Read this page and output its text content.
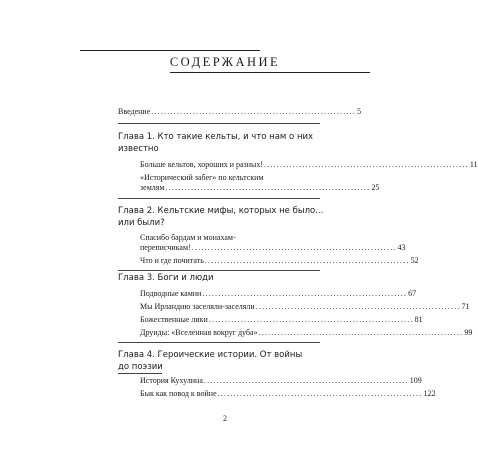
СОДЕРЖАНИЕ
Введение ................................................................ 5
Глава 1. Кто такие кельты, и что нам о них
известно
Больше кельтов, хороших и разных! ................................................................ 11
«Исторический забег» по кельтским
землям ................................................................ 25
Глава 2. Кельтские мифы, которых не было...
или были?
Спасибо бардам и монахам-
переписчикам! ................................................................ 43
Что и где почитать ................................................................ 52
Глава 3. Боги и люди
Подводные камни ................................................................ 67
Мы Ирландию заселяли-заселяли ................................................................ 71
Божественные лики ................................................................ 81
Друиды: «Вселенная вокруг дуба» ................................................................ 99
Глава 4. Героические истории. От войны
до поэзии
История Кухулина ................................................................ 109
Бык как повод к войне ................................................................ 122
2
